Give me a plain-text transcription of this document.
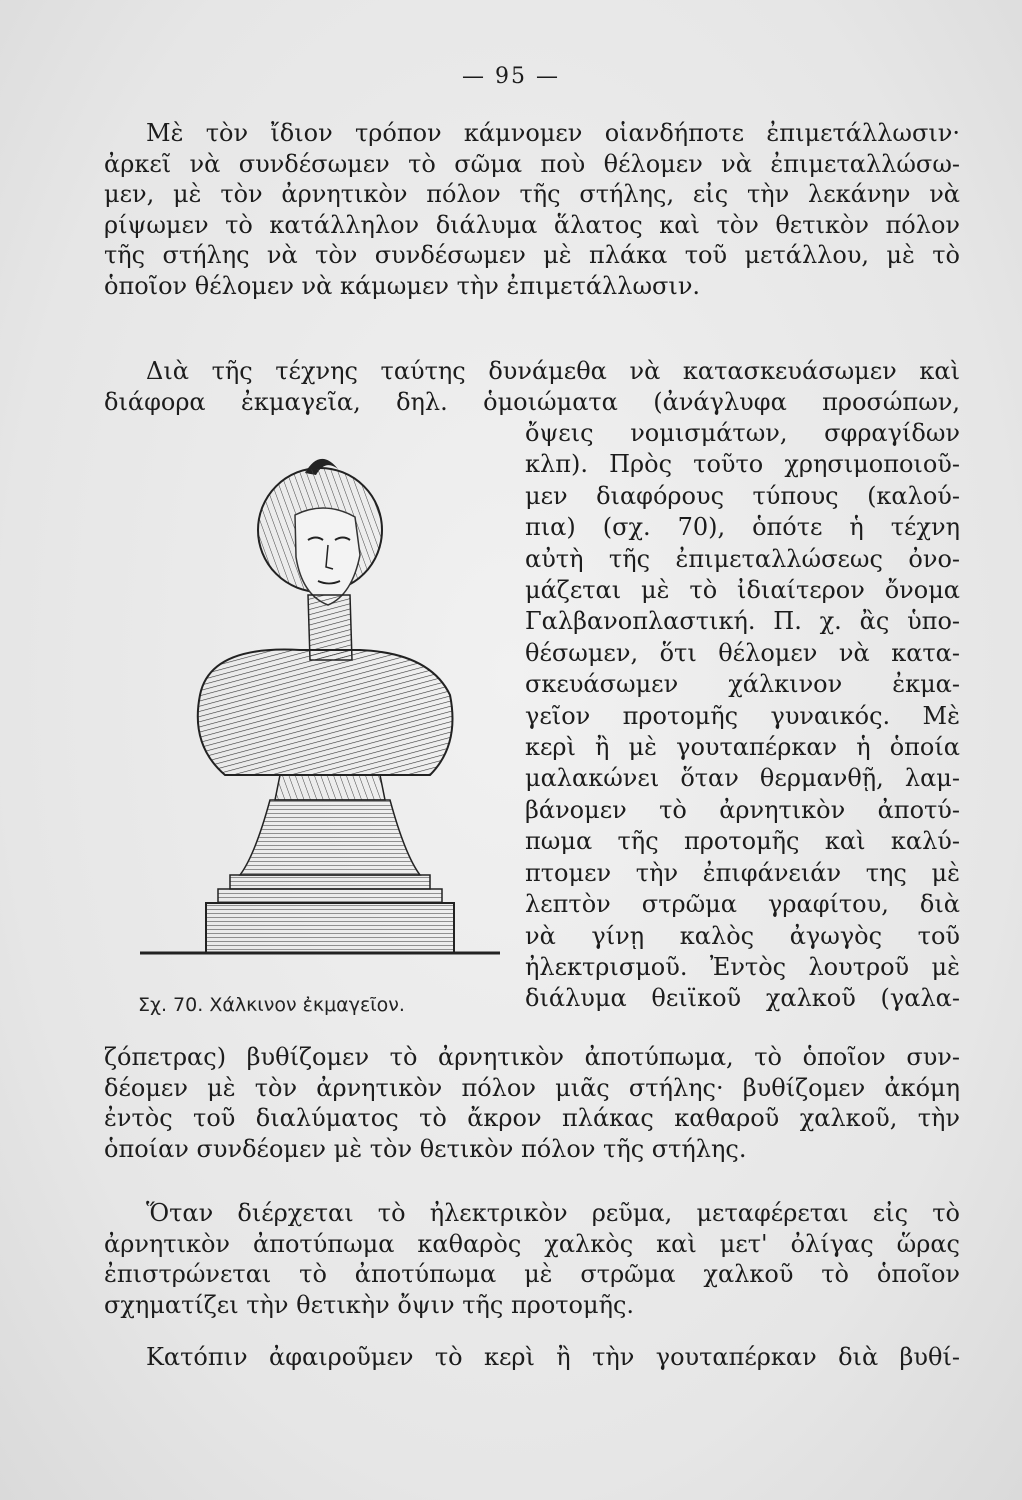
— 95 —
Μὲ τὸν ἴδιον τρόπον κάμνομεν οἱανδήποτε ἐπιμετάλλωσιν·
ἀρκεῖ νὰ συνδέσωμεν τὸ σῶμα ποὺ θέλομεν νὰ ἐπιμεταλλώσω-
μεν, μὲ τὸν ἀρνητικὸν πόλον τῆς στήλης, εἰς τὴν λεκάνην νὰ
ρίψωμεν τὸ κατάλληλον διάλυμα ἅλατος καὶ τὸν θετικὸν πόλον
τῆς στήλης νὰ τὸν συνδέσωμεν μὲ πλάκα τοῦ μετάλλου, μὲ τὸ
ὁποῖον θέλομεν νὰ κάμωμεν τὴν ἐπιμετάλλωσιν.
Διὰ τῆς τέχνης ταύτης δυνάμεθα νὰ κατασκευάσωμεν καὶ
διάφορα ἐκμαγεῖα, δηλ. ὁμοιώματα (ἀνάγλυφα προσώπων,
ὄψεις νομισμάτων, σφραγίδων
κλπ). Πρὸς τοῦτο χρησιμοποιοῦ-
μεν διαφόρους τύπους (καλού-
πια) (σχ. 70), ὁπότε ἡ τέχνη
αὐτὴ τῆς ἐπιμεταλλώσεως ὀνο-
μάζεται μὲ τὸ ἰδιαίτερον ὄνομα
Γαλβανοπλαστική. Π. χ. ἂς ὑπο-
θέσωμεν, ὅτι θέλομεν νὰ κατα-
σκευάσωμεν χάλκινον ἐκμα-
γεῖον προτομῆς γυναικός. Μὲ
κερὶ ἢ μὲ γουταπέρκαν ἡ ὁποία
μαλακώνει ὅταν θερμανθῇ, λαμ-
βάνομεν τὸ ἀρνητικὸν ἀποτύ-
πωμα τῆς προτομῆς καὶ καλύ-
πτομεν τὴν ἐπιφάνειάν της μὲ
λεπτὸν στρῶμα γραφίτου, διὰ
νὰ γίνῃ καλὸς ἀγωγὸς τοῦ
ἠλεκτρισμοῦ. Ἐντὸς λουτροῦ μὲ
διάλυμα θειϊκοῦ χαλκοῦ (γαλα-
Σχ. 70. Χάλκινον ἐκμαγεῖον.
ζόπετρας) βυθίζομεν τὸ ἀρνητικὸν ἀποτύπωμα, τὸ ὁποῖον συν-
δέομεν μὲ τὸν ἀρνητικὸν πόλον μιᾶς στήλης· βυθίζομεν ἀκόμη
ἐντὸς τοῦ διαλύματος τὸ ἄκρον πλάκας καθαροῦ χαλκοῦ, τὴν
ὁποίαν συνδέομεν μὲ τὸν θετικὸν πόλον τῆς στήλης.
Ὅταν διέρχεται τὸ ἠλεκτρικὸν ρεῦμα, μεταφέρεται εἰς τὸ
ἀρνητικὸν ἀποτύπωμα καθαρὸς χαλκὸς καὶ μετ' ὀλίγας ὥρας
ἐπιστρώνεται τὸ ἀποτύπωμα μὲ στρῶμα χαλκοῦ τὸ ὁποῖον
σχηματίζει τὴν θετικὴν ὄψιν τῆς προτομῆς.
Κατόπιν ἀφαιροῦμεν τὸ κερὶ ἢ τὴν γουταπέρκαν διὰ βυθί-
